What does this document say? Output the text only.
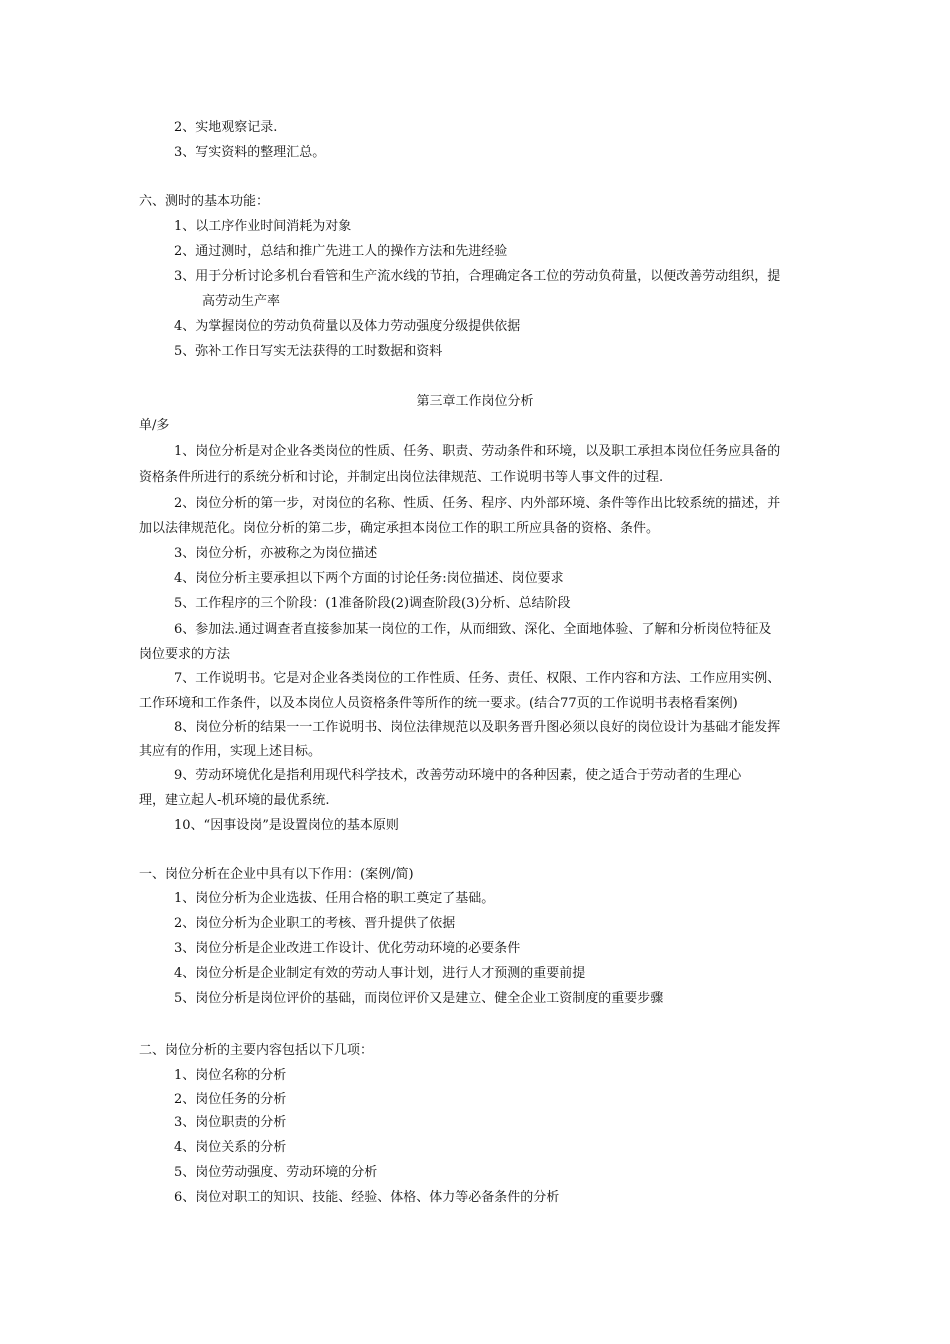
2、实地观察记录.
3、写实资料的整理汇总。
六、测时的基本功能：
1、以工序作业时间消耗为对象
2、通过测时，总结和推广先进工人的操作方法和先进经验
3、用于分析讨论多机台看管和生产流水线的节拍，合理确定各工位的劳动负荷量，以便改善劳动组织，提
高劳动生产率
4、为掌握岗位的劳动负荷量以及体力劳动强度分级提供依据
5、弥补工作日写实无法获得的工时数据和资料
第三章工作岗位分析
单/多
1、岗位分析是对企业各类岗位的性质、任务、职责、劳动条件和环境，以及职工承担本岗位任务应具备的
资格条件所进行的系统分析和讨论，并制定出岗位法律规范、工作说明书等人事文件的过程.
2、岗位分析的第一步，对岗位的名称、性质、任务、程序、内外部环境、条件等作出比较系统的描述，并
加以法律规范化。岗位分析的第二步，确定承担本岗位工作的职工所应具备的资格、条件。
3、岗位分析，亦被称之为岗位描述
4、岗位分析主要承担以下两个方面的讨论任务:岗位描述、岗位要求
5、工作程序的三个阶段：(1准备阶段(2)调查阶段(3)分析、总结阶段
6、参加法.通过调查者直接参加某一岗位的工作，从而细致、深化、全面地体验、了解和分析岗位特征及
岗位要求的方法
7、工作说明书。它是对企业各类岗位的工作性质、任务、责任、权限、工作内容和方法、工作应用实例、
工作环境和工作条件，以及本岗位人员资格条件等所作的统一要求。(结合77页的工作说明书表格看案例)
8、岗位分析的结果一一工作说明书、岗位法律规范以及职务晋升图必须以良好的岗位设计为基础才能发挥
其应有的作用，实现上述目标。
9、劳动环境优化是指利用现代科学技术，改善劳动环境中的各种因素，使之适合于劳动者的生理心
理，建立起人-机环境的最优系统.
10、“因事设岗”是设置岗位的基本原则
一、岗位分析在企业中具有以下作用：(案例/简)
1、岗位分析为企业选拔、任用合格的职工奠定了基础。
2、岗位分析为企业职工的考核、晋升提供了依据
3、岗位分析是企业改进工作设计、优化劳动环境的必要条件
4、岗位分析是企业制定有效的劳动人事计划，进行人才预测的重要前提
5、岗位分析是岗位评价的基础，而岗位评价又是建立、健全企业工资制度的重要步骤
二、岗位分析的主要内容包括以下几项：
1、岗位名称的分析
2、岗位任务的分析
3、岗位职责的分析
4、岗位关系的分析
5、岗位劳动强度、劳动环境的分析
6、岗位对职工的知识、技能、经验、体格、体力等必备条件的分析
